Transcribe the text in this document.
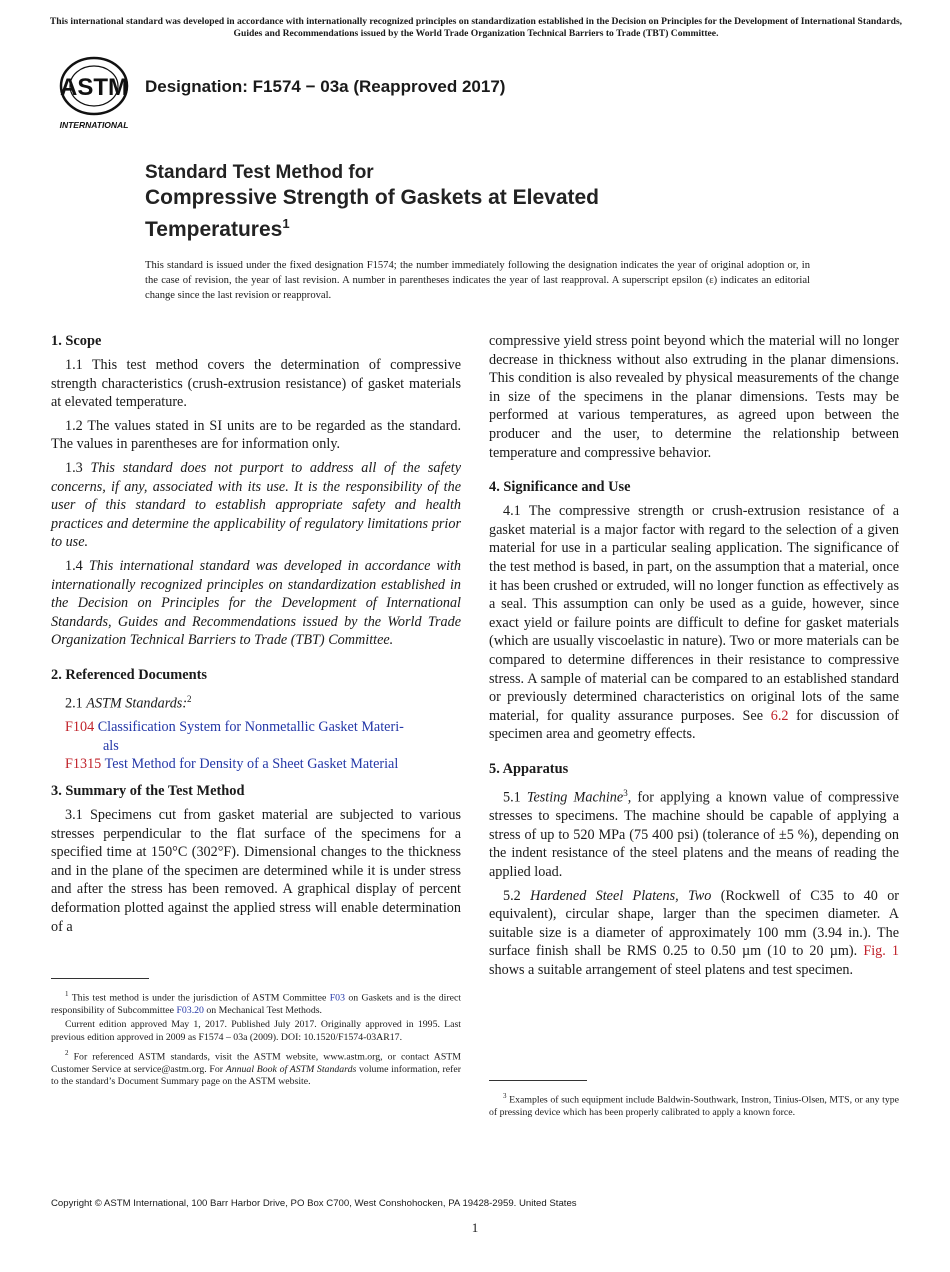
This international standard was developed in accordance with internationally recognized principles on standardization established in the Decision on Principles for the Development of International Standards, Guides and Recommendations issued by the World Trade Organization Technical Barriers to Trade (TBT) Committee.
ASTM
INTERNATIONAL
Designation: F1574 − 03a (Reapproved 2017)
Standard Test Method for
Compressive Strength of Gaskets at Elevated
Temperatures$^1$
This standard is issued under the fixed designation F1574; the number immediately following the designation indicates the year of original adoption or, in the case of revision, the year of last revision. A number in parentheses indicates the year of last reapproval. A superscript epsilon (ε) indicates an editorial change since the last revision or reapproval.
1. Scope

1.1 This test method covers the determination of compressive strength characteristics (crush-extrusion resistance) of gasket materials at elevated temperature.

1.2 The values stated in SI units are to be regarded as the standard. The values in parentheses are for information only.

1.3 This standard does not purport to address all of the safety concerns, if any, associated with its use. It is the responsibility of the user of this standard to establish appropriate safety and health practices and determine the applicability of regulatory limitations prior to use.

1.4 This international standard was developed in accordance with internationally recognized principles on standardization established in the Decision on Principles for the Development of International Standards, Guides and Recommendations issued by the World Trade Organization Technical Barriers to Trade (TBT) Committee.

2. Referenced Documents

2.1 ASTM Standards:$^2$

F104 Classification System for Nonmetallic Gasket Materi-
als
F1315 Test Method for Density of a Sheet Gasket Material
3. Summary of the Test Method

3.1 Specimens cut from gasket material are subjected to various stresses perpendicular to the flat surface of the specimens for a specified time at 150°C (302°F). Dimensional changes to the thickness and in the plane of the specimen are determined while it is under stress and after the stress has been removed. A graphical display of percent deformation plotted against the applied stress will enable determination of a

$^1$ This test method is under the jurisdiction of ASTM Committee F03 on Gaskets and is the direct responsibility of Subcommittee F03.20 on Mechanical Test Methods.

Current edition approved May 1, 2017. Published July 2017. Originally approved in 1995. Last previous edition approved in 2009 as F1574 – 03a (2009). DOI: 10.1520/F1574-03AR17.

$^2$ For referenced ASTM standards, visit the ASTM website, www.astm.org, or contact ASTM Customer Service at service@astm.org. For Annual Book of ASTM Standards volume information, refer to the standard’s Document Summary page on the ASTM website.

compressive yield stress point beyond which the material will no longer decrease in thickness without also extruding in the planar dimensions. This condition is also revealed by physical measurements of the change in size of the specimens in the planar dimensions. Tests may be performed at various temperatures, as agreed upon between the producer and the user, to determine the relationship between temperature and compressive behavior.

4. Significance and Use

4.1 The compressive strength or crush-extrusion resistance of a gasket material is a major factor with regard to the selection of a given material for use in a particular sealing application. The significance of the test method is based, in part, on the assumption that a material, once it has been crushed or extruded, will no longer function as effectively as a seal. This assumption can only be used as a guide, however, since exact yield or failure points are difficult to define for gasket materials (which are usually viscoelastic in nature). Two or more materials can be compared to determine differences in their resistance to compressive stress. A sample of material can be compared to an established standard or previously determined characteristics on original lots of the same material, for quality assurance purposes. See 6.2 for discussion of specimen area and geometry effects.

5. Apparatus

5.1 Testing Machine$^3$, for applying a known value of compressive stresses to specimens. The machine should be capable of applying a stress of up to 520 MPa (75 400 psi) (tolerance of ±5 %), depending on the indent resistance of the steel platens and the means of reading the applied load.

5.2 Hardened Steel Platens, Two (Rockwell of C35 to 40 or equivalent), circular shape, larger than the specimen diameter. A suitable size is a diameter of approximately 100 mm (3.94 in.). The surface finish shall be RMS 0.25 to 0.50 µm (10 to 20 µm). Fig. 1 shows a suitable arrangement of steel platens and test specimen.

$^3$ Examples of such equipment include Baldwin-Southwark, Instron, Tinius-Olsen, MTS, or any type of pressing device which has been properly calibrated to apply a known force.

Copyright © ASTM International, 100 Barr Harbor Drive, PO Box C700, West Conshohocken, PA 19428-2959. United States
1
